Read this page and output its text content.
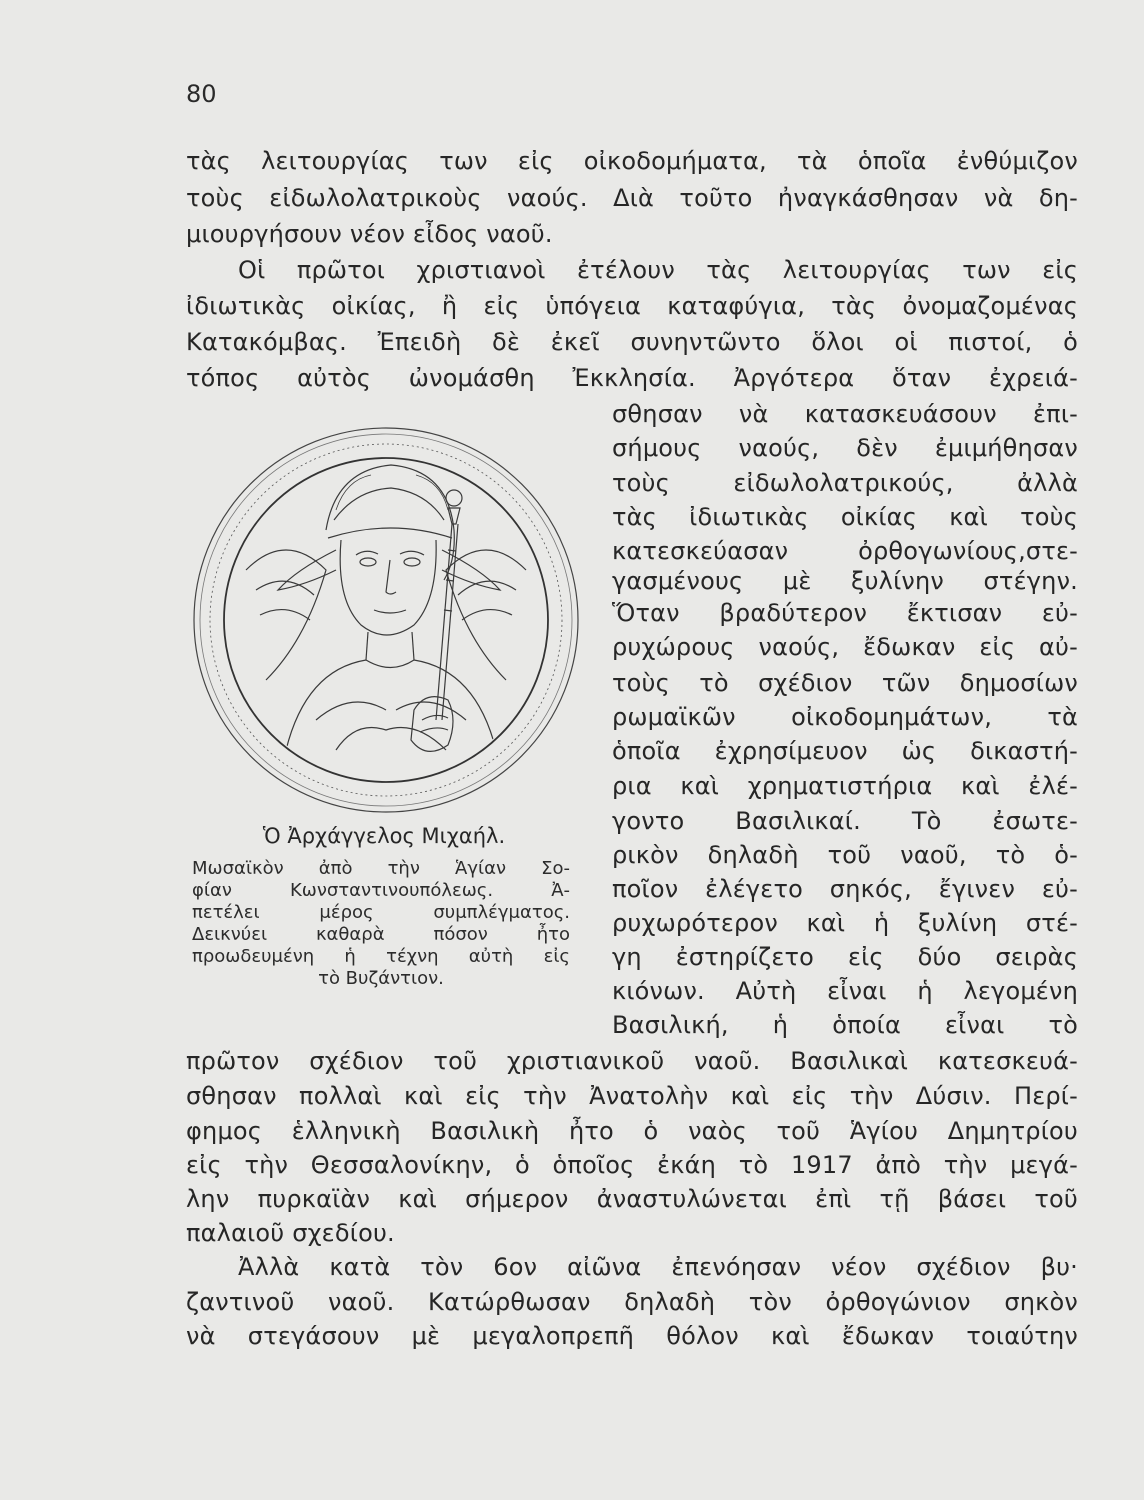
80

τὰς λειτουργίας των εἰς οἰκοδομήματα, τὰ ὁποῖα ἐνθύμιζον

τοὺς εἰδωλολατρικοὺς ναούς. Διὰ τοῦτο ἠναγκάσθησαν νὰ δη-

μιουργήσουν νέον εἶδος ναοῦ.

Οἱ πρῶτοι χριστιανοὶ ἐτέλουν τὰς λειτουργίας των εἰς

ἰδιωτικὰς οἰκίας, ἢ εἰς ὑπόγεια καταφύγια, τὰς ὀνομαζομένας

Κατακόμβας. Ἐπειδὴ δὲ ἐκεῖ συνηντῶντο ὅλοι οἱ πιστοί, ὁ

τόπος αὐτὸς ὠνομάσθη Ἐκκλησία. Ἀργότερα ὅταν ἐχρειά-

σθησαν νὰ κατασκευάσουν ἐπι-

σήμους ναούς, δὲν ἐμιμήθησαν

τοὺς εἰδωλολατρικούς, ἀλλὰ

τὰς ἰδιωτικὰς οἰκίας καὶ τοὺς

κατεσκεύασαν ὀρθογωνίους,στε-

γασμένους μὲ ξυλίνην στέγην.

Ὅταν βραδύτερον ἔκτισαν εὐ-

ρυχώρους ναούς, ἔδωκαν εἰς αὐ-

τοὺς τὸ σχέδιον τῶν δημοσίων

ρωμαϊκῶν οἰκοδομημάτων, τὰ

ὁποῖα ἐχρησίμευον ὡς δικαστή-

ρια καὶ χρηματιστήρια καὶ ἐλέ-

γοντο Βασιλικαί. Τὸ ἐσωτε-

ρικὸν δηλαδὴ τοῦ ναοῦ, τὸ ὁ-

ποῖον ἐλέγετο σηκός, ἔγινεν εὐ-

ρυχωρότερον καὶ ἡ ξυλίνη στέ-

γη ἐστηρίζετο εἰς δύο σειρὰς

κιόνων. Αὐτὴ εἶναι ἡ λεγομένη

Βασιλική, ἡ ὁποία εἶναι τὸ

πρῶτον σχέδιον τοῦ χριστιανικοῦ ναοῦ. Βασιλικαὶ κατεσκευά-

σθησαν πολλαὶ καὶ εἰς τὴν Ἀνατολὴν καὶ εἰς τὴν Δύσιν. Περί-

φημος ἑλληνικὴ Βασιλικὴ ἦτο ὁ ναὸς τοῦ Ἁγίου Δημητρίου

εἰς τὴν Θεσσαλονίκην, ὁ ὁποῖος ἐκάη τὸ 1917 ἀπὸ τὴν μεγά-

λην πυρκαϊὰν καὶ σήμερον ἀναστυλώνεται ἐπὶ τῇ βάσει τοῦ

παλαιοῦ σχεδίου.

Ἀλλὰ κατὰ τὸν 6ον αἰῶνα ἐπενόησαν νέον σχέδιον βυ·

ζαντινοῦ ναοῦ. Κατώρθωσαν δηλαδὴ τὸν ὀρθογώνιον σηκὸν

νὰ στεγάσουν μὲ μεγαλοπρεπῆ θόλον καὶ ἔδωκαν τοιαύτην

Ὁ Ἀρχάγγελος Μιχαήλ.

Μωσαϊκὸν ἀπὸ τὴν Ἁγίαν Σο-

φίαν Κωνσταντινουπόλεως. Ἀ-

πετέλει μέρος συμπλέγματος.

Δεικνύει καθαρὰ πόσον ἦτο

προωδευμένη ἡ τέχνη αὐτὴ εἰς

τὸ Βυζάντιον.
